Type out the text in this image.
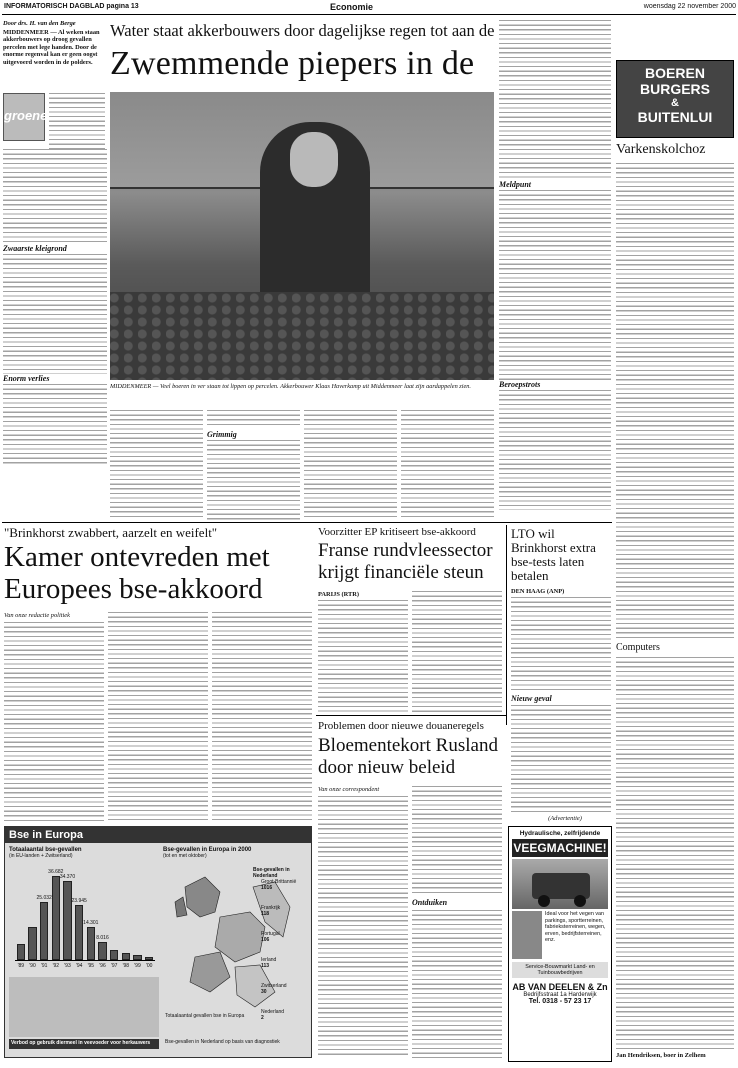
INFORMATORISCH DAGBLAD pagina 13	Economie	woensdag 22 november 2000
Door drs. H. van den Berge
MIDDENMEER — Al weken staan akkerbouwers op droog gevallen percelen met lege handen. Door de enorme regenval kan er geen oogst uitgevoerd worden in de polders.
groene
Zwaarste kleigrond
Enorm verlies
Water staat akkerbouwers door dagelijkse regen tot aan de
Zwemmende piepers in de
MIDDENMEER — Veel boeren in ver staan tot lippen op percelen. Akkerbouwer Klaas Haverkamp uit Middenmeer laat zijn aardappelen zien.
Grimmig
Meldpunt
Beroepstrots
BOEREN
BURGERS
&
BUITENLUI
Varkenskolchoz
Computers
Jan Hendriksen, boer in Zelhem
"Brinkhorst zwabbert, aarzelt en weifelt"
Kamer ontevreden met Europees bse-akkoord
Van onze redactie politiek
Voorzitter EP kritiseert bse-akkoord
Franse rundvleessector krijgt financiële steun
PARIJS (RTR)
LTO wil Brinkhorst extra bse-tests laten betalen
DEN HAAG (ANP)
Nieuw geval
Problemen door nieuwe douaneregels
Bloementekort Rusland door nieuw beleid
Van onze correspondent
Ontduiken
(Advertentie)
Hydraulische, zelfrijdende
VEEGMACHINE!
Ideal voor het vegen van parkings, sportterreinen, fabrieksterreinen, wegen, erven, bedrijfsterreinen, enz.
Service-Bouwmarkt Land- en Tuinbouwbedrijven
AB VAN DEELEN & Zn
Bedrijfsstraat 1a Harderwijk
Tel. 0318 - 57 23 17
Bse in Europa
Totaalaantal bse-gevallen
(in EU-landen + Zwitserland)
25.032
36.682
34.370
23.945
14.301
8.016
'89	'90	'91	'92	'93	'94	'95	'96	'97	'98	'99	'00
Bse-gevallen in Europa in 2000
(tot en met oktober)
Bse-gevallen in Nederland
Groot-Brittannië
1016
Frankrijk
118
Portugal
106
Ierland
113
Zwitserland
30
Nederland
2
Totaalaantal gevallen bse in Europa
Verbod op gebruik diermeel in veevoeder voor herkauwers	Bse-gevallen in Nederland op basis van diagnostiek
